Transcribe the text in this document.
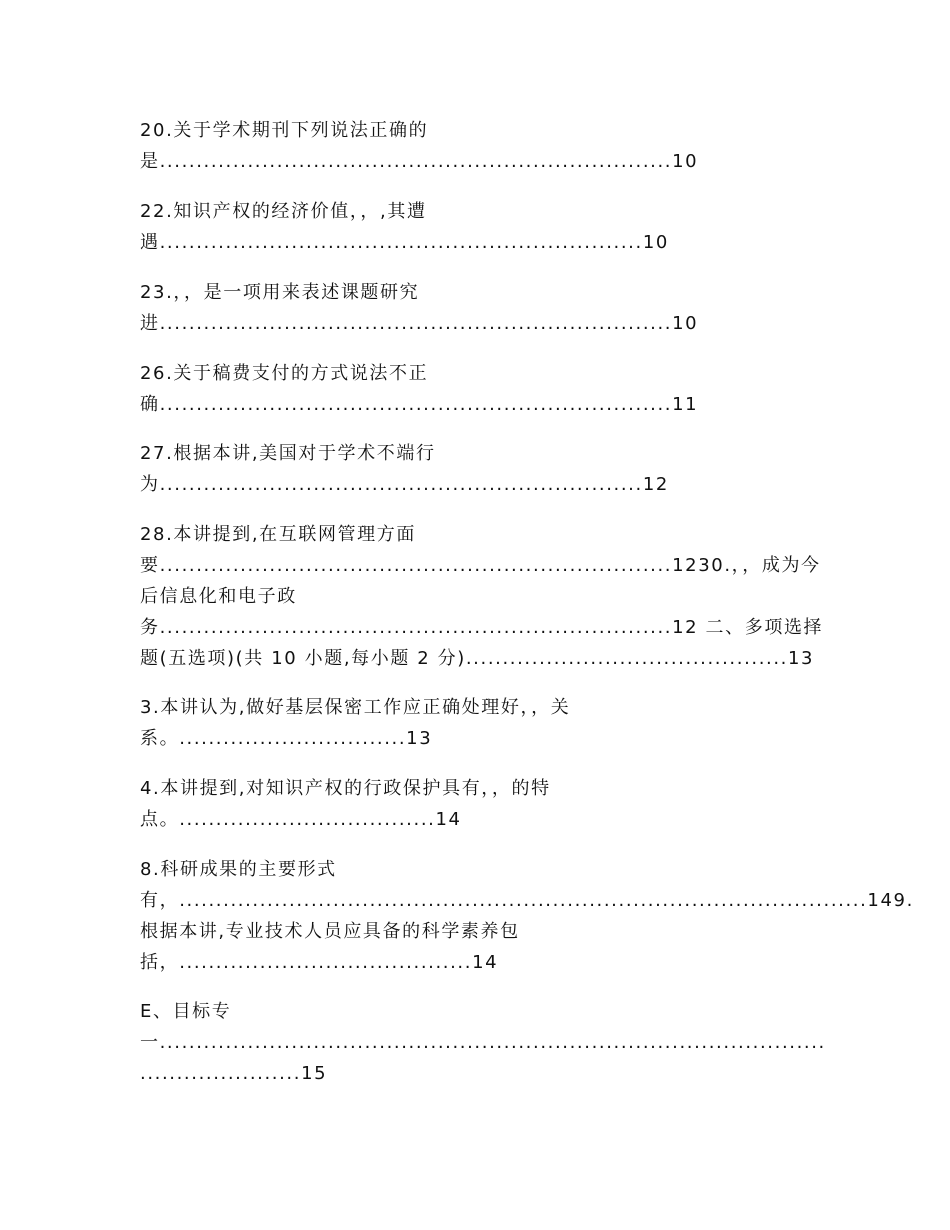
20.关于学术期刊下列说法正确的
是......................................................................10
22.知识产权的经济价值，，,其遭
遇..................................................................10
23.，，是一项用来表述课题研究
进......................................................................10
26.关于稿费支付的方式说法不正
确......................................................................11
27.根据本讲,美国对于学术不端行
为..................................................................12
28.本讲提到,在互联网管理方面
要......................................................................1230.，，成为今
后信息化和电子政
务......................................................................12 二、多项选择
题(五选项)(共 10 小题,每小题 2 分)............................................13
3.本讲认为,做好基层保密工作应正确处理好，，关
系。...............................13
4.本讲提到,对知识产权的行政保护具有，，的特
点。...................................14
8.科研成果的主要形式
有，..............................................................................................149.
根据本讲,专业技术人员应具备的科学素养包
括，........................................14
E、目标专
一...........................................................................................
......................15
